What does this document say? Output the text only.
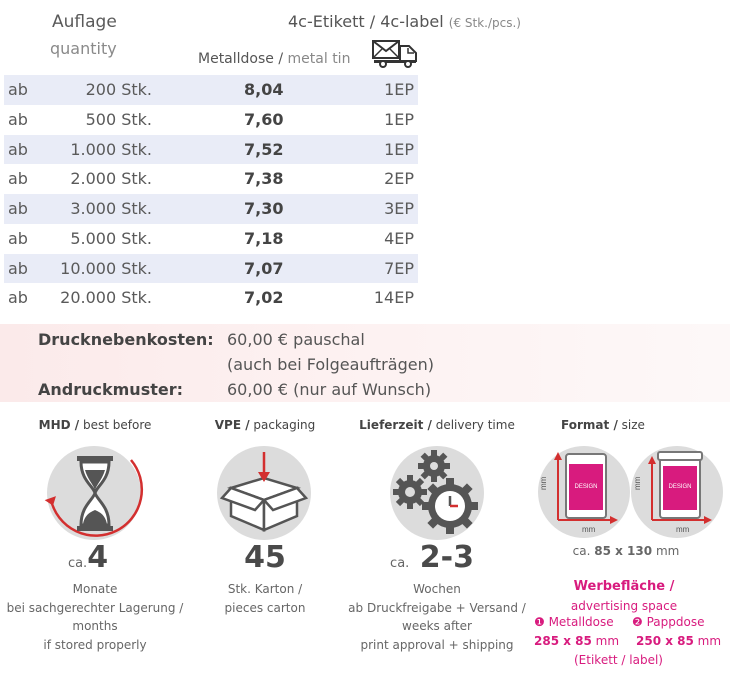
Auflage
quantity
4c-Etikett / 4c-label (€ Stk./pcs.)
Metalldose / metal tin
ab	200 Stk.	8,04	1EP
ab	500 Stk.	7,60	1EP
ab	1.000 Stk.	7,52	1EP
ab	2.000 Stk.	7,38	2EP
ab	3.000 Stk.	7,30	3EP
ab	5.000 Stk.	7,18	4EP
ab 10.000 Stk.	7,07	7EP
ab 20.000 Stk.	7,02	14EP
Drucknebenkosten: 60,00 € pauschal
(auch bei Folgeaufträgen)
Andruckmuster:	60,00 € (nur auf Wunsch)
MHD / best before
ca.4
Monate
bei sachgerechter Lagerung /
months
if stored properly
VPE / packaging
45
Stk. Karton /
pieces carton
Lieferzeit / delivery time
ca. 2-3
Wochen
ab Druckfreigabe + Versand /
weeks after
print approval + shipping
Format / size
DESIGN
mm
mm
DESIGN
mm
mm
ca. 85 x 130 mm
Werbefläche /
advertising space
❶ Metalldose ❷ Pappdose
285 x 85 mm 250 x 85 mm
(Etikett / label)
